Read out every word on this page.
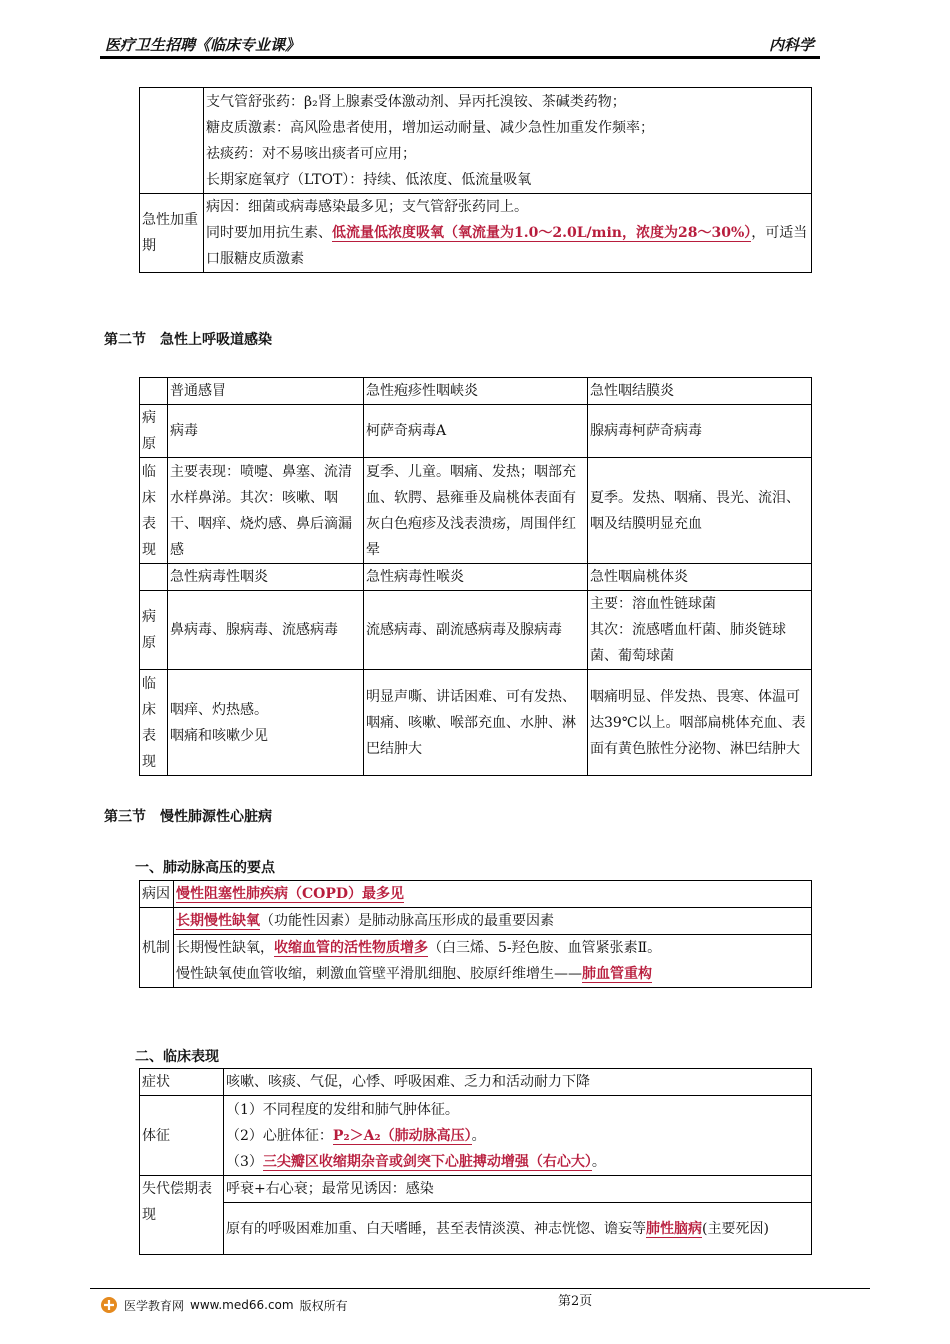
医疗卫生招聘《临床专业课》	内科学

	支气管舒张药：β₂肾上腺素受体激动剂、异丙托溴铵、茶碱类药物；
糖皮质激素：高风险患者使用，增加运动耐量、减少急性加重发作频率；
祛痰药：对不易咳出痰者可应用；
长期家庭氧疗（LTOT）：持续、低浓度、低流量吸氧

急性加重期	病因：细菌或病毒感染最多见；支气管舒张药同上。
同时要加用抗生素、低流量低浓度吸氧（氧流量为1.0～2.0L/min，浓度为28～30%），可适当口服糖皮质激素
第二节　急性上呼吸道感染
	普通感冒	急性疱疹性咽峡炎	急性咽结膜炎
病原	病毒	柯萨奇病毒A	腺病毒柯萨奇病毒
临床表现	主要表现：喷嚏、鼻塞、流清水样鼻涕。其次：咳嗽、咽干、咽痒、烧灼感、鼻后滴漏感	夏季、儿童。咽痛、发热；咽部充血、软腭、悬雍垂及扁桃体表面有灰白色疱疹及浅表溃疡，周围伴红晕	夏季。发热、咽痛、畏光、流泪、咽及结膜明显充血
	急性病毒性咽炎	急性病毒性喉炎	急性咽扁桃体炎
病原	鼻病毒、腺病毒、流感病毒	流感病毒、副流感病毒及腺病毒	主要：溶血性链球菌
其次：流感嗜血杆菌、肺炎链球菌、葡萄球菌
临床表现	咽痒、灼热感。
咽痛和咳嗽少见	明显声嘶、讲话困难、可有发热、咽痛、咳嗽、喉部充血、水肿、淋巴结肿大	咽痛明显、伴发热、畏寒、体温可达39℃以上。咽部扁桃体充血、表面有黄色脓性分泌物、淋巴结肿大
第三节　慢性肺源性心脏病
一、肺动脉高压的要点
病因	慢性阻塞性肺疾病（COPD）最多见
机制	长期慢性缺氧（功能性因素）是肺动脉高压形成的最重要因素

	长期慢性缺氧，收缩血管的活性物质增多（白三烯、5-羟色胺、血管紧张素Ⅱ。
慢性缺氧使血管收缩，刺激血管壁平滑肌细胞、胶原纤维增生——肺血管重构
二、临床表现
症状	咳嗽、咳痰、气促，心悸、呼吸困难、乏力和活动耐力下降
体征	（1）不同程度的发绀和肺气肿体征。
（2）心脏体征：P₂＞A₂（肺动脉高压）。
（3）三尖瓣区收缩期杂音或剑突下心脏搏动增强（右心大）。

失代偿期表现	呼衰+右心衰；最常见诱因：感染
	原有的呼吸困难加重、白天嗜睡，甚至表情淡漠、神志恍惚、谵妄等肺性脑病(主要死因)
第2页
医学教育网 www.med66.com 版权所有
